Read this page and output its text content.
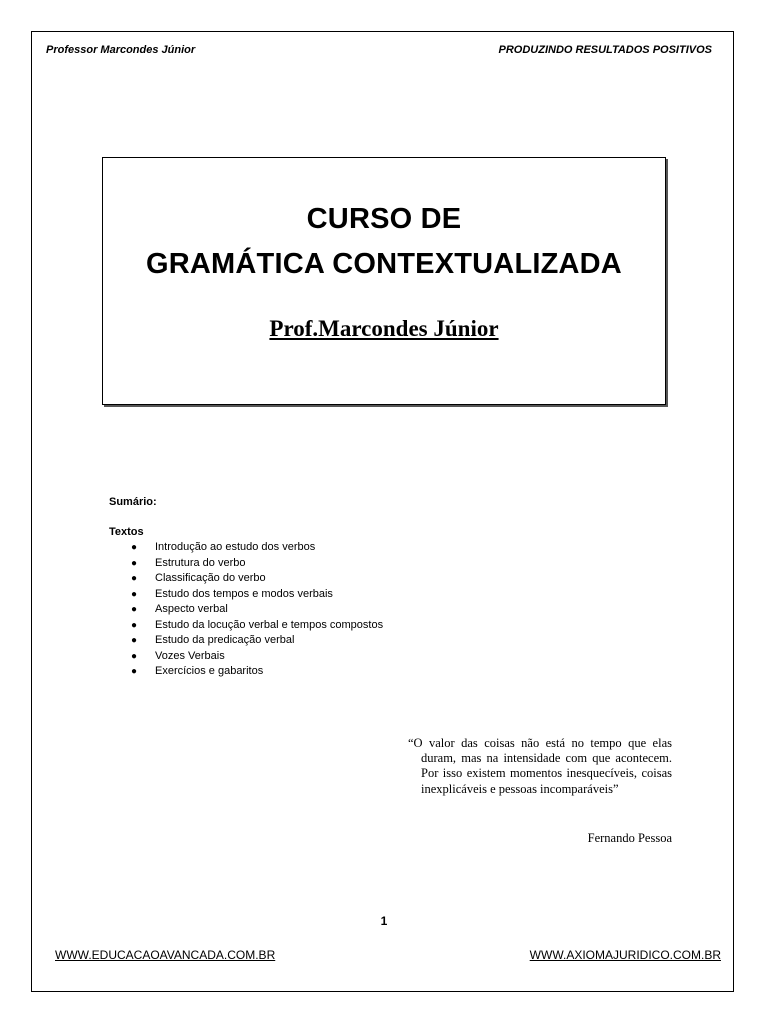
Professor Marcondes Júnior	PRODUZINDO RESULTADOS POSITIVOS
CURSO DE
GRAMÁTICA CONTEXTUALIZADA
Prof.Marcondes Júnior
Sumário:
Textos
● Introdução ao estudo dos verbos
● Estrutura do verbo
● Classificação do verbo
● Estudo dos tempos e modos verbais
● Aspecto verbal
● Estudo da locução verbal e tempos compostos
● Estudo da predicação verbal
● Vozes Verbais
● Exercícios e gabaritos
“O valor das coisas não está no tempo que elas duram, mas na intensidade com que acontecem. Por isso existem momentos inesquecíveis, coisas inexplicáveis e pessoas incomparáveis”
Fernando Pessoa
1
WWW.EDUCACAOAVANCADA.COM.BR	WWW.AXIOMAJURIDICO.COM.BR
